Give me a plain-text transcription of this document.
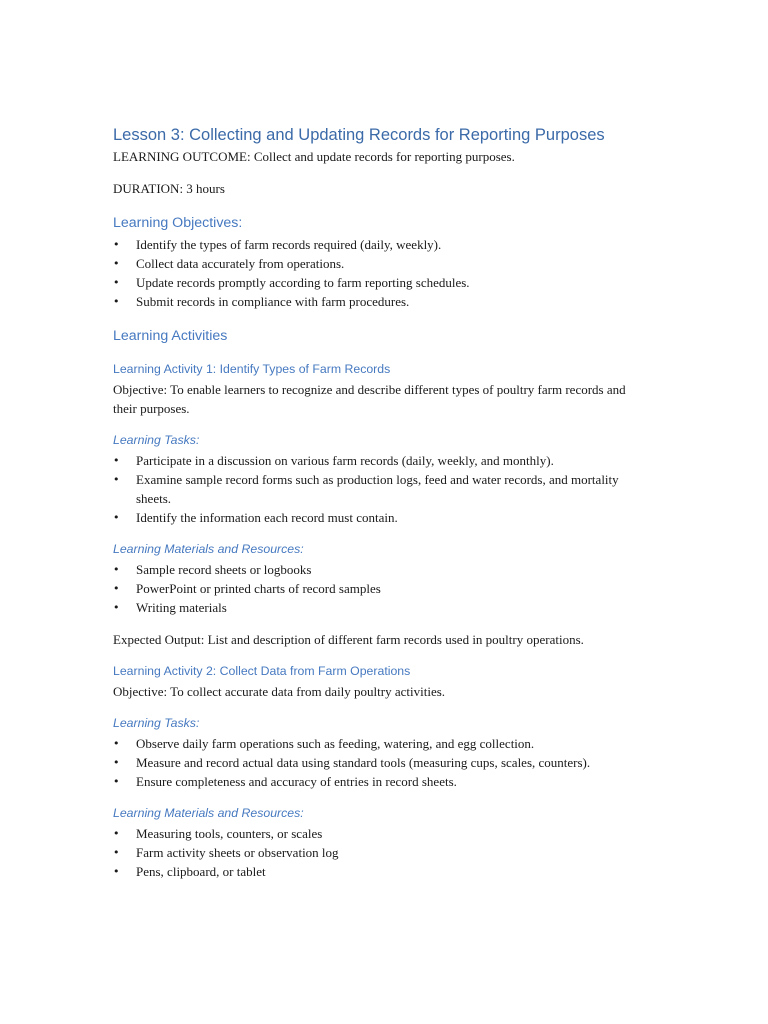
Lesson 3: Collecting and Updating Records for Reporting Purposes

LEARNING OUTCOME: Collect and update records for reporting purposes.

DURATION: 3 hours

Learning Objectives:
• Identify the types of farm records required (daily, weekly).
• Collect data accurately from operations.
• Update records promptly according to farm reporting schedules.
• Submit records in compliance with farm procedures.
Learning Activities
Learning Activity 1: Identify Types of Farm Records

Objective: To enable learners to recognize and describe different types of poultry farm records and their purposes.

Learning Tasks:
• Participate in a discussion on various farm records (daily, weekly, and monthly).
• Examine sample record forms such as production logs, feed and water records, and mortality sheets.
• Identify the information each record must contain.
Learning Materials and Resources:
• Sample record sheets or logbooks
• PowerPoint or printed charts of record samples
• Writing materials

Expected Output: List and description of different farm records used in poultry operations.

Learning Activity 2: Collect Data from Farm Operations

Objective: To collect accurate data from daily poultry activities.

Learning Tasks:
• Observe daily farm operations such as feeding, watering, and egg collection.
• Measure and record actual data using standard tools (measuring cups, scales, counters).
• Ensure completeness and accuracy of entries in record sheets.
Learning Materials and Resources:
• Measuring tools, counters, or scales
• Farm activity sheets or observation log
• Pens, clipboard, or tablet
